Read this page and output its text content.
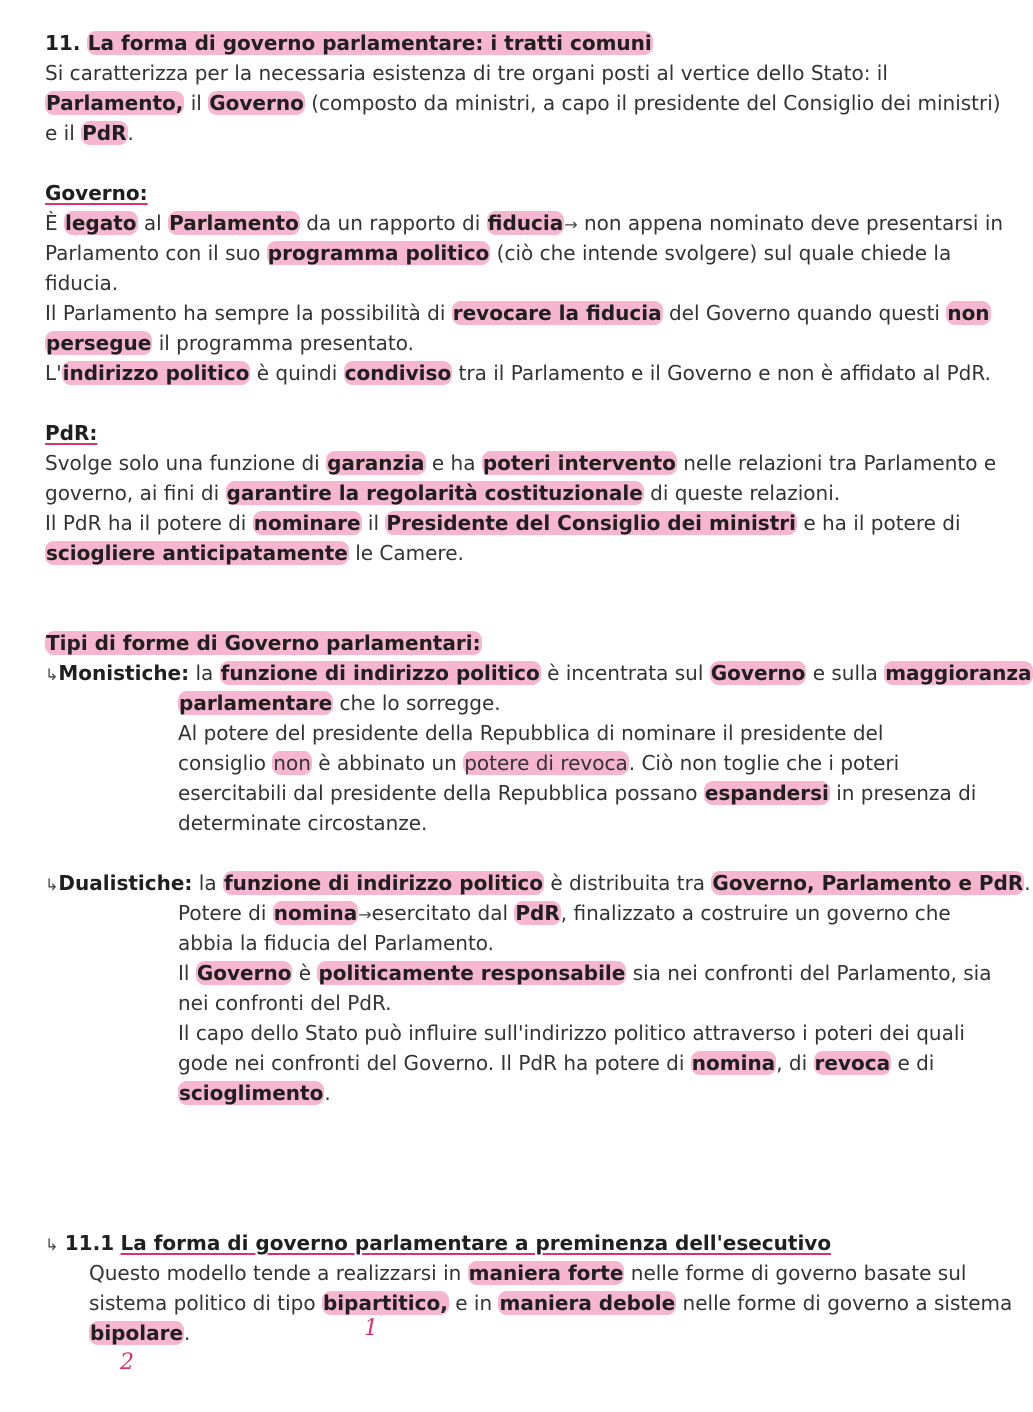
11. La forma di governo parlamentare: i tratti comuni
Si caratterizza per la necessaria esistenza di tre organi posti al vertice dello Stato: il
Parlamento, il Governo (composto da ministri, a capo il presidente del Consiglio dei ministri)
e il PdR.
Governo:
È legato al Parlamento da un rapporto di fiducia→ non appena nominato deve presentarsi in
Parlamento con il suo programma politico (ciò che intende svolgere) sul quale chiede la
fiducia.
Il Parlamento ha sempre la possibilità di revocare la fiducia del Governo quando questi non
persegue il programma presentato.
L'indirizzo politico è quindi condiviso tra il Parlamento e il Governo e non è affidato al PdR.
PdR:
Svolge solo una funzione di garanzia e ha poteri intervento nelle relazioni tra Parlamento e
governo, ai fini di garantire la regolarità costituzionale di queste relazioni.
Il PdR ha il potere di nominare il Presidente del Consiglio dei ministri e ha il potere di
sciogliere anticipatamente le Camere.
Tipi di forme di Governo parlamentari:
↳Monistiche: la funzione di indirizzo politico è incentrata sul Governo e sulla maggioranza
parlamentare che lo sorregge.
Al potere del presidente della Repubblica di nominare il presidente del
consiglio non è abbinato un potere di revoca. Ciò non toglie che i poteri
esercitabili dal presidente della Repubblica possano espandersi in presenza di
determinate circostanze.
↳Dualistiche: la funzione di indirizzo politico è distribuita tra Governo, Parlamento e PdR.
Potere di nomina→esercitato dal PdR, finalizzato a costruire un governo che
abbia la fiducia del Parlamento.
Il Governo è politicamente responsabile sia nei confronti del Parlamento, sia
nei confronti del PdR.
Il capo dello Stato può influire sull'indirizzo politico attraverso i poteri dei quali
gode nei confronti del Governo. Il PdR ha potere di nomina, di revoca e di
scioglimento.
↳ 11.1 La forma di governo parlamentare a preminenza dell'esecutivo
Questo modello tende a realizzarsi in maniera forte nelle forme di governo basate sul
sistema politico di tipo bipartitico, e in maniera debole nelle forme di governo a sistema
bipolare.	1
2
